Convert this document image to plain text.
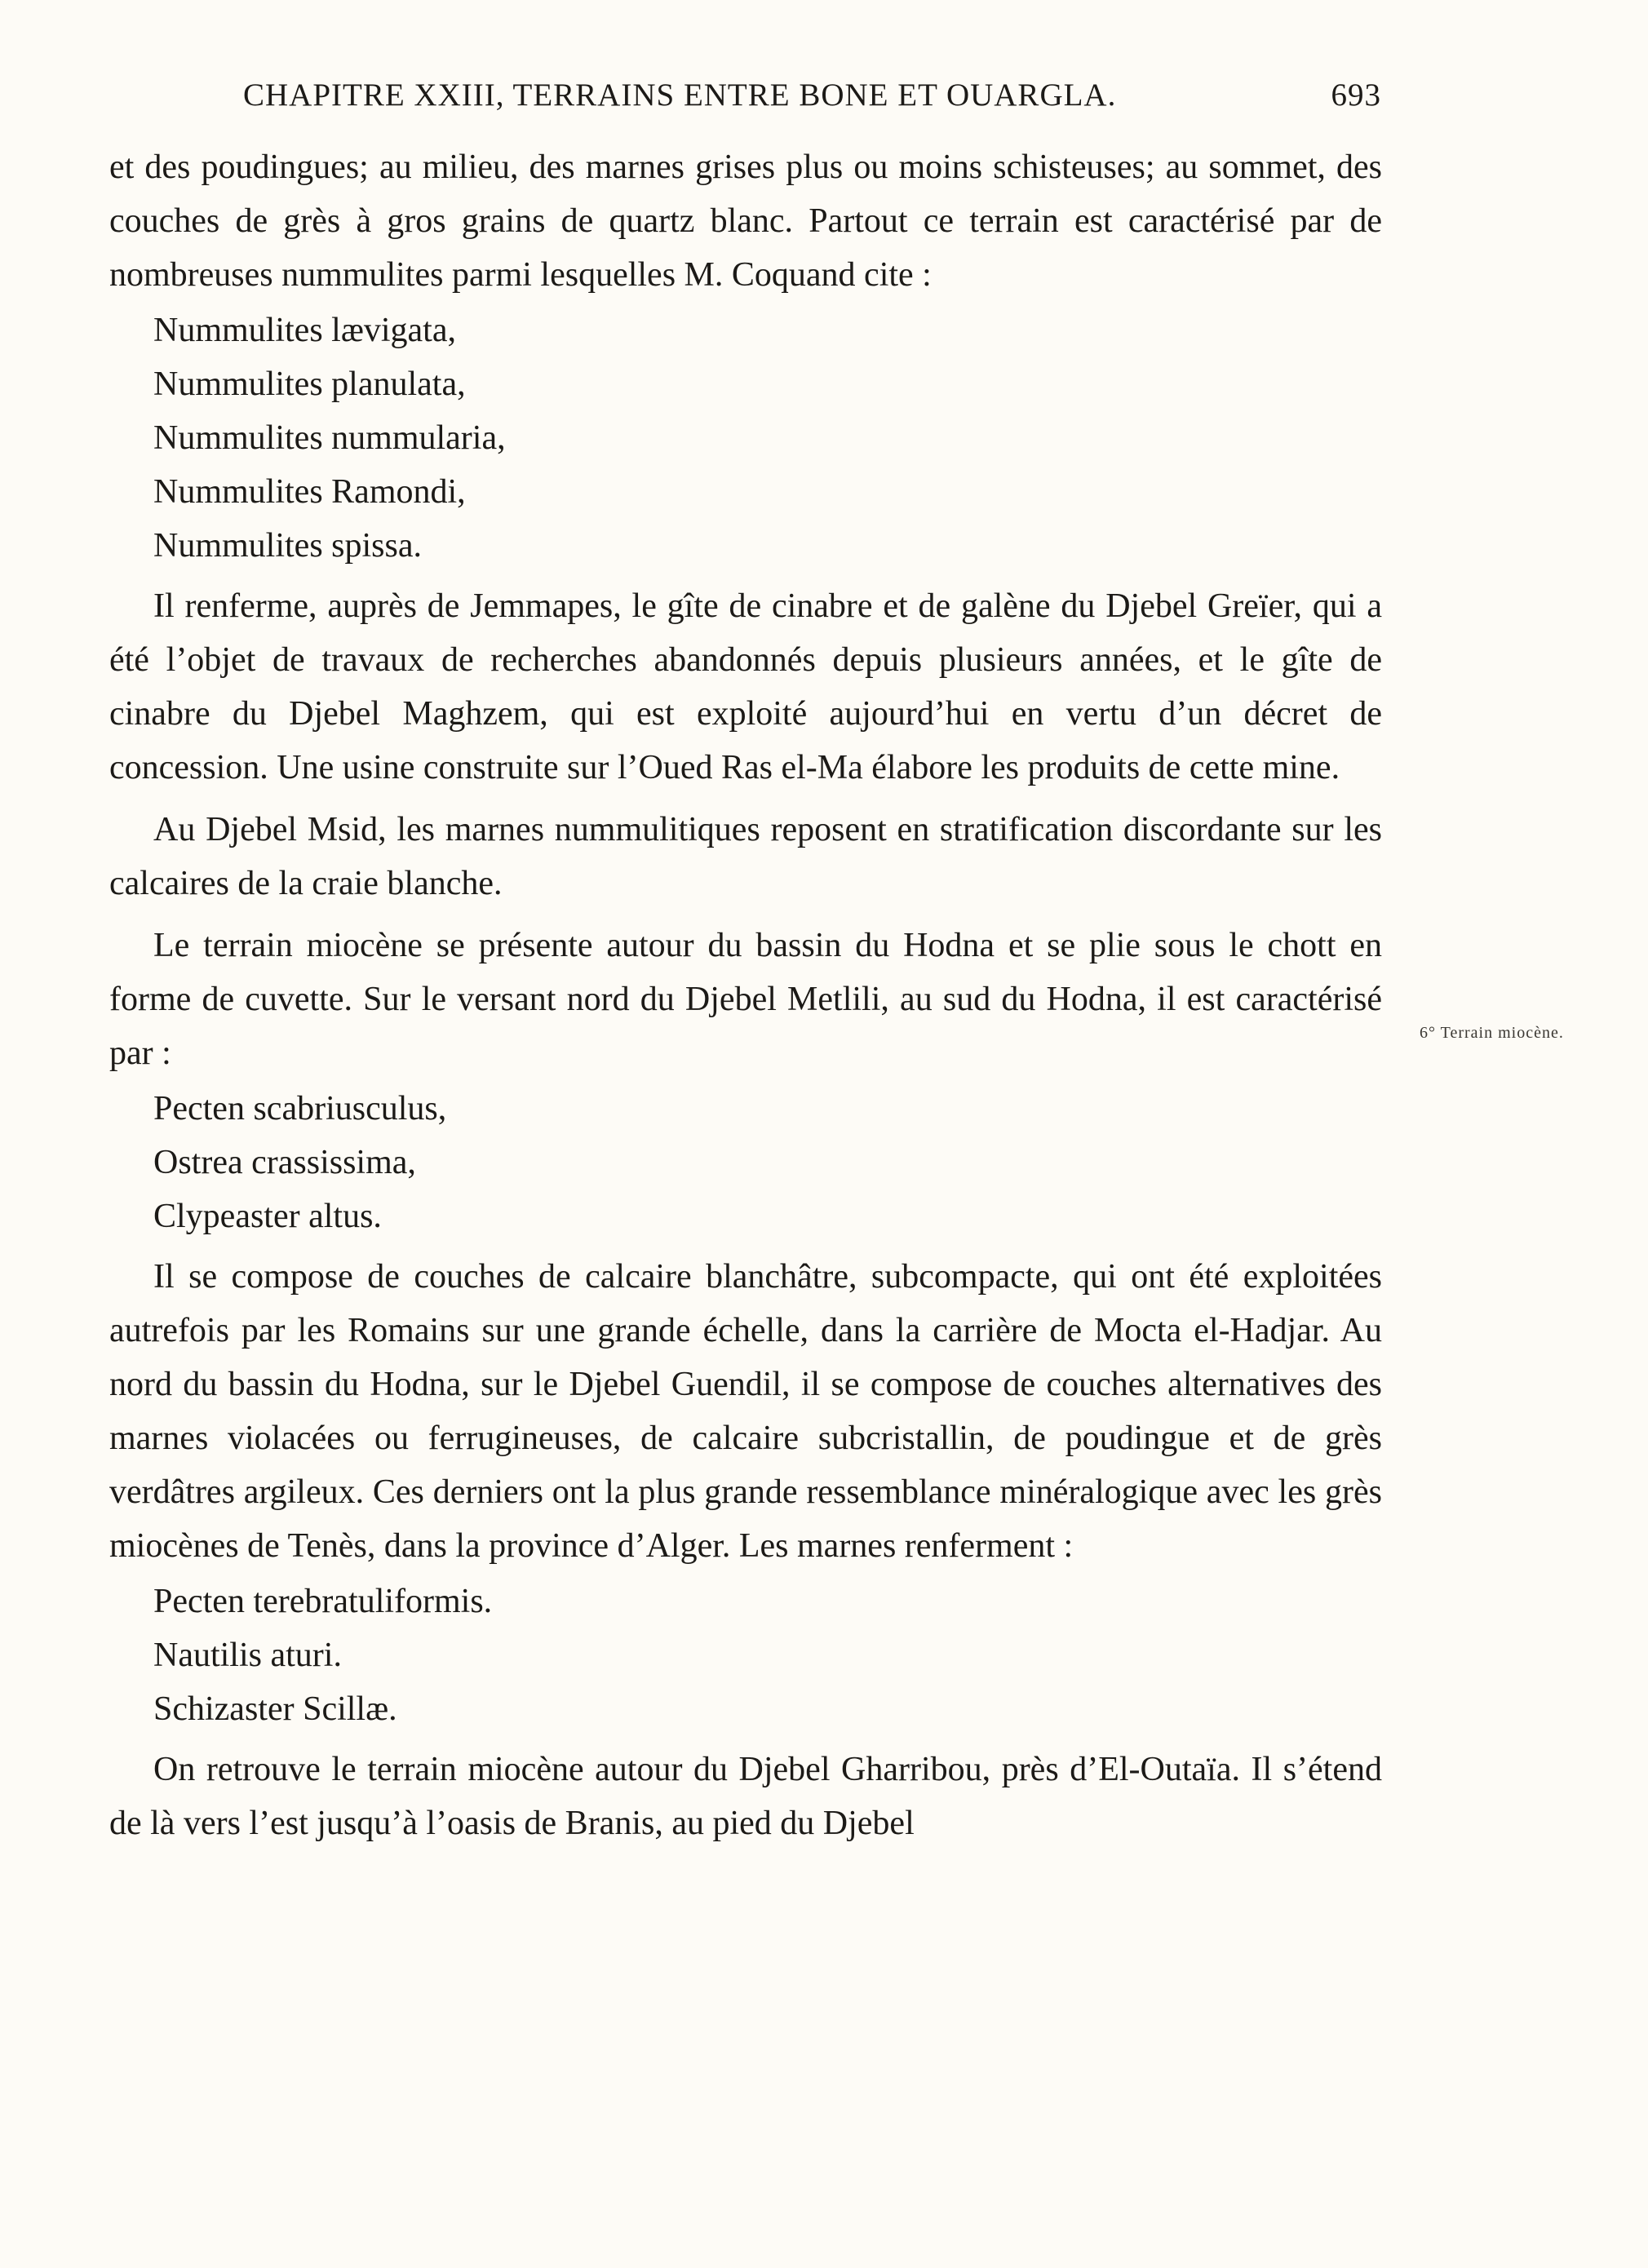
CHAPITRE XXIII, TERRAINS ENTRE BONE ET OUARGLA.	693

et des poudingues; au milieu, des marnes grises plus ou moins schisteuses; au sommet, des couches de grès à gros grains de quartz blanc. Partout ce terrain est caractérisé par de nombreuses nummulites parmi lesquelles M. Coquand cite :

Nummulites lævigata,
Nummulites planulata,
Nummulites nummularia,
Nummulites Ramondi,
Nummulites spissa.

Il renferme, auprès de Jemmapes, le gîte de cinabre et de galène du Djebel Greïer, qui a été l’objet de travaux de recherches abandonnés depuis plusieurs années, et le gîte de cinabre du Djebel Maghzem, qui est exploité aujourd’hui en vertu d’un décret de concession. Une usine construite sur l’Oued Ras el-Ma élabore les produits de cette mine.

Au Djebel Msid, les marnes nummulitiques reposent en stratification discordante sur les calcaires de la craie blanche.

Le terrain miocène se présente autour du bassin du Hodna et se plie sous le chott en forme de cuvette. Sur le versant nord du Djebel Metlili, au sud du Hodna, il est caractérisé par :

Pecten scabriusculus,
Ostrea crassissima,
Clypeaster altus.

Il se compose de couches de calcaire blanchâtre, subcompacte, qui ont été exploitées autrefois par les Romains sur une grande échelle, dans la carrière de Mocta el-Hadjar. Au nord du bassin du Hodna, sur le Djebel Guendil, il se compose de couches alternatives des marnes violacées ou ferrugineuses, de calcaire subcristallin, de poudingue et de grès verdâtres argileux. Ces derniers ont la plus grande ressemblance minéralogique avec les grès miocènes de Tenès, dans la province d’Alger. Les marnes renferment :

Pecten terebratuliformis.
Nautilis aturi.
Schizaster Scillæ.

On retrouve le terrain miocène autour du Djebel Gharribou, près d’El-Outaïa. Il s’étend de là vers l’est jusqu’à l’oasis de Branis, au pied du Djebel

6° Terrain miocène.
